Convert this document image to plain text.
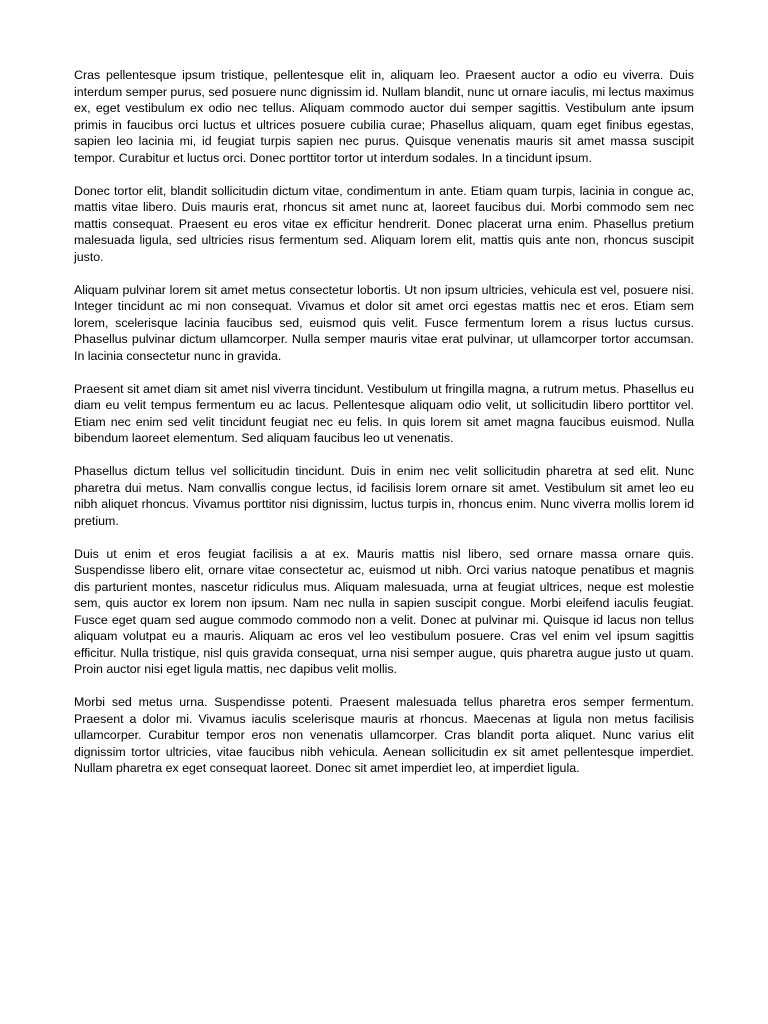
Cras pellentesque ipsum tristique, pellentesque elit in, aliquam leo. Praesent auctor a odio eu viverra. Duis interdum semper purus, sed posuere nunc dignissim id. Nullam blandit, nunc ut ornare iaculis, mi lectus maximus ex, eget vestibulum ex odio nec tellus. Aliquam commodo auctor dui semper sagittis. Vestibulum ante ipsum primis in faucibus orci luctus et ultrices posuere cubilia curae; Phasellus aliquam, quam eget finibus egestas, sapien leo lacinia mi, id feugiat turpis sapien nec purus. Quisque venenatis mauris sit amet massa suscipit tempor. Curabitur et luctus orci. Donec porttitor tortor ut interdum sodales. In a tincidunt ipsum.

Donec tortor elit, blandit sollicitudin dictum vitae, condimentum in ante. Etiam quam turpis, lacinia in congue ac, mattis vitae libero. Duis mauris erat, rhoncus sit amet nunc at, laoreet faucibus dui. Morbi commodo sem nec mattis consequat. Praesent eu eros vitae ex efficitur hendrerit. Donec placerat urna enim. Phasellus pretium malesuada ligula, sed ultricies risus fermentum sed. Aliquam lorem elit, mattis quis ante non, rhoncus suscipit justo.

Aliquam pulvinar lorem sit amet metus consectetur lobortis. Ut non ipsum ultricies, vehicula est vel, posuere nisi. Integer tincidunt ac mi non consequat. Vivamus et dolor sit amet orci egestas mattis nec et eros. Etiam sem lorem, scelerisque lacinia faucibus sed, euismod quis velit. Fusce fermentum lorem a risus luctus cursus. Phasellus pulvinar dictum ullamcorper. Nulla semper mauris vitae erat pulvinar, ut ullamcorper tortor accumsan. In lacinia consectetur nunc in gravida.

Praesent sit amet diam sit amet nisl viverra tincidunt. Vestibulum ut fringilla magna, a rutrum metus. Phasellus eu diam eu velit tempus fermentum eu ac lacus. Pellentesque aliquam odio velit, ut sollicitudin libero porttitor vel. Etiam nec enim sed velit tincidunt feugiat nec eu felis. In quis lorem sit amet magna faucibus euismod. Nulla bibendum laoreet elementum. Sed aliquam faucibus leo ut venenatis.

Phasellus dictum tellus vel sollicitudin tincidunt. Duis in enim nec velit sollicitudin pharetra at sed elit. Nunc pharetra dui metus. Nam convallis congue lectus, id facilisis lorem ornare sit amet. Vestibulum sit amet leo eu nibh aliquet rhoncus. Vivamus porttitor nisi dignissim, luctus turpis in, rhoncus enim. Nunc viverra mollis lorem id pretium.

Duis ut enim et eros feugiat facilisis a at ex. Mauris mattis nisl libero, sed ornare massa ornare quis. Suspendisse libero elit, ornare vitae consectetur ac, euismod ut nibh. Orci varius natoque penatibus et magnis dis parturient montes, nascetur ridiculus mus. Aliquam malesuada, urna at feugiat ultrices, neque est molestie sem, quis auctor ex lorem non ipsum. Nam nec nulla in sapien suscipit congue. Morbi eleifend iaculis feugiat. Fusce eget quam sed augue commodo commodo non a velit. Donec at pulvinar mi. Quisque id lacus non tellus aliquam volutpat eu a mauris. Aliquam ac eros vel leo vestibulum posuere. Cras vel enim vel ipsum sagittis efficitur. Nulla tristique, nisl quis gravida consequat, urna nisi semper augue, quis pharetra augue justo ut quam. Proin auctor nisi eget ligula mattis, nec dapibus velit mollis.

Morbi sed metus urna. Suspendisse potenti. Praesent malesuada tellus pharetra eros semper fermentum. Praesent a dolor mi. Vivamus iaculis scelerisque mauris at rhoncus. Maecenas at ligula non metus facilisis ullamcorper. Curabitur tempor eros non venenatis ullamcorper. Cras blandit porta aliquet. Nunc varius elit dignissim tortor ultricies, vitae faucibus nibh vehicula. Aenean sollicitudin ex sit amet pellentesque imperdiet. Nullam pharetra ex eget consequat laoreet. Donec sit amet imperdiet leo, at imperdiet ligula.
